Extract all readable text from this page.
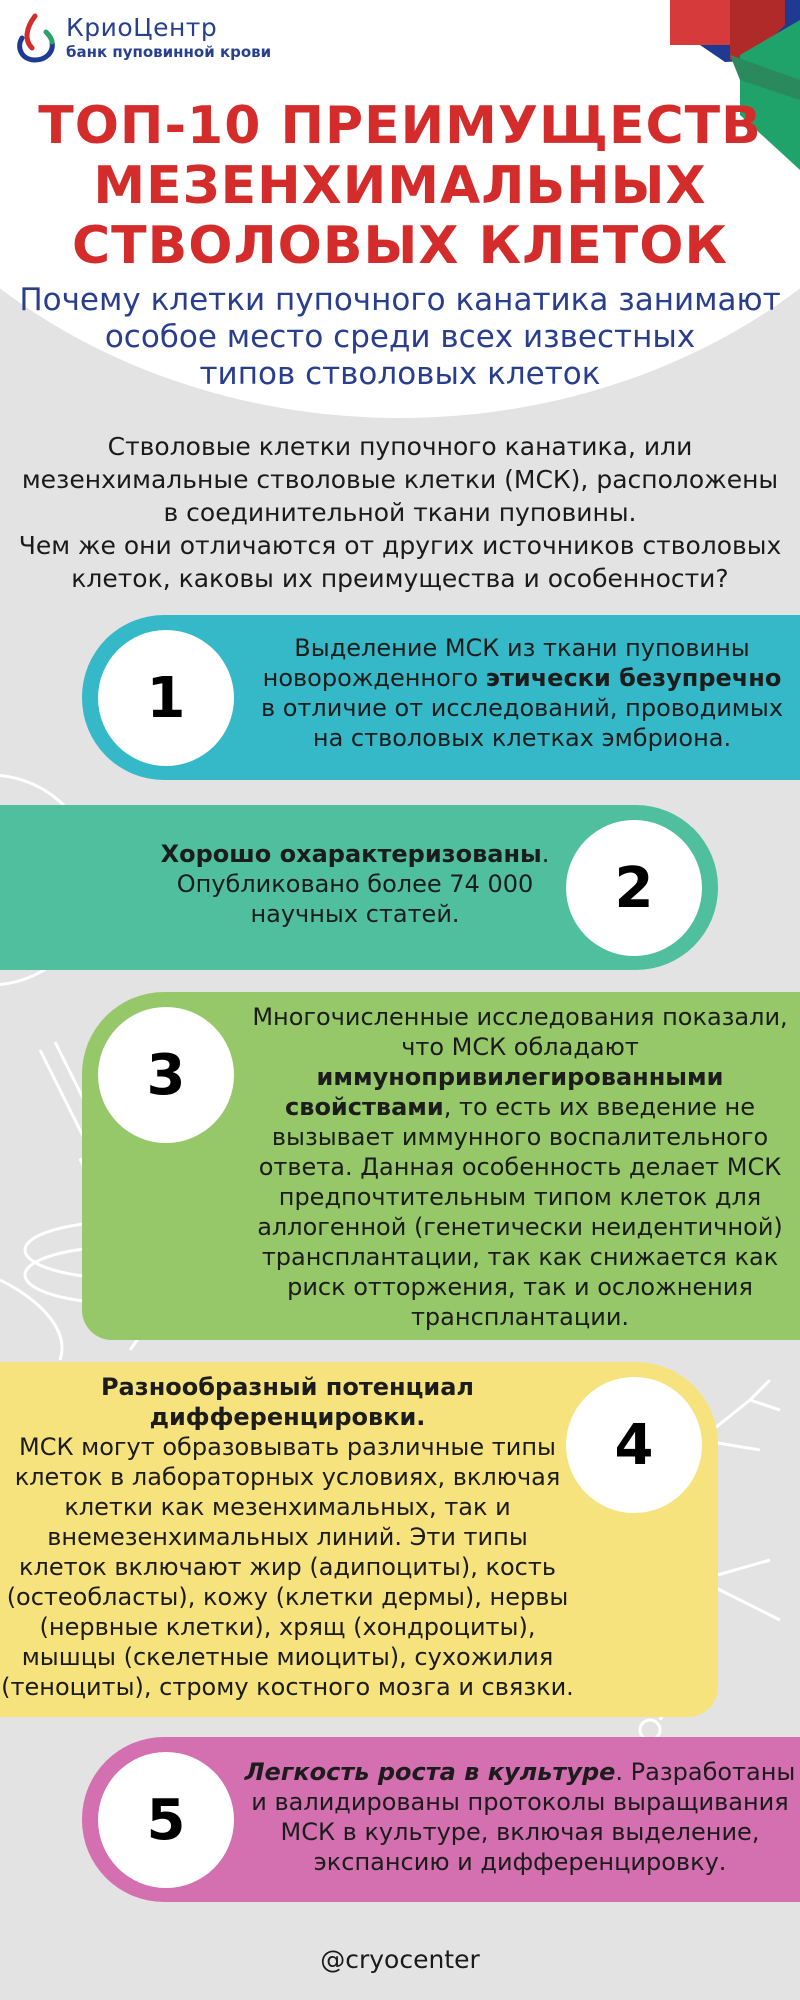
КриоЦентр
банк пуповинной крови
ТОП-10 ПРЕИМУЩЕСТВ
МЕЗЕНХИМАЛЬНЫХ
СТВОЛОВЫХ КЛЕТОК
Почему клетки пупочного канатика занимают
особое место среди всех известных
типов стволовых клеток
Стволовые клетки пупочного канатика, или
мезенхимальные стволовые клетки (МСК), расположены
в соединительной ткани пуповины.
Чем же они отличаются от других источников стволовых
клеток, каковы их преимущества и особенности?
1
Выделение МСК из ткани пуповины
новорожденного этически безупречно
в отличие от исследований, проводимых
на стволовых клетках эмбриона.
Хорошо охарактеризованы.
Опубликовано более 74 000
научных статей.	2
3
Многочисленные исследования показали,
что МСК обладают
иммунопривилегированными
свойствами, то есть их введение не
вызывает иммунного воспалительного
ответа. Данная особенность делает МСК
предпочтительным типом клеток для
аллогенной (генетически неидентичной)
трансплантации, так как снижается как
риск отторжения, так и осложнения
трансплантации.
Разнообразный потенциал
дифференцировки.
МСК могут образовывать различные типы
клеток в лабораторных условиях, включая
клетки как мезенхимальных, так и
внемезенхимальных линий. Эти типы
клеток включают жир (адипоциты), кость
(остеобласты), кожу (клетки дермы), нервы
(нервные клетки), хрящ (хондроциты),
мышцы (скелетные миоциты), сухожилия
(теноциты), строму костного мозга и связки.
4
5
Легкость роста в культуре. Разработаны
и валидированы протоколы выращивания
МСК в культуре, включая выделение,
экспансию и дифференцировку.
@cryocenter
